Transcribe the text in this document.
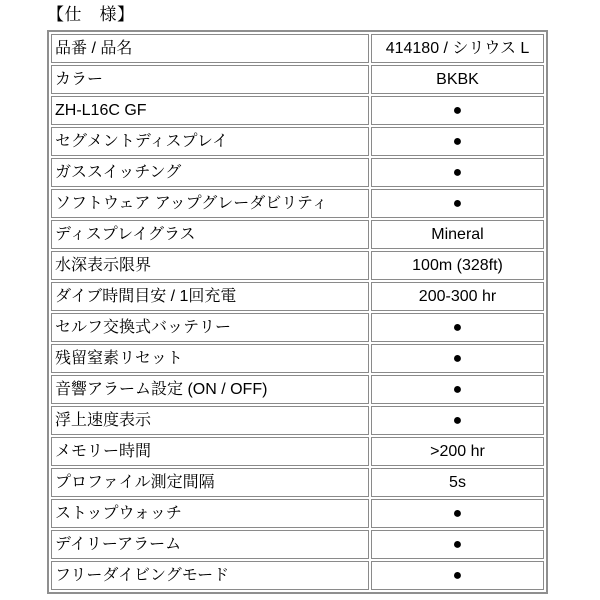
【仕　様】
品番 / 品名	414180 / シリウス L
カラー	BKBK
ZH-L16C GF	●
セグメントディスプレイ	●
ガススイッチング	●
ソフトウェア アップグレーダビリティ	●
ディスプレイグラス	Mineral
水深表示限界	100m (328ft)
ダイブ時間目安 / 1回充電	200-300 hr
セルフ交換式バッテリー	●
残留窒素リセット	●
音響アラーム設定 (ON / OFF)	●
浮上速度表示	●
メモリー時間	>200 hr
プロファイル測定間隔	5s
ストップウォッチ	●
デイリーアラーム	●
フリーダイビングモード	●
